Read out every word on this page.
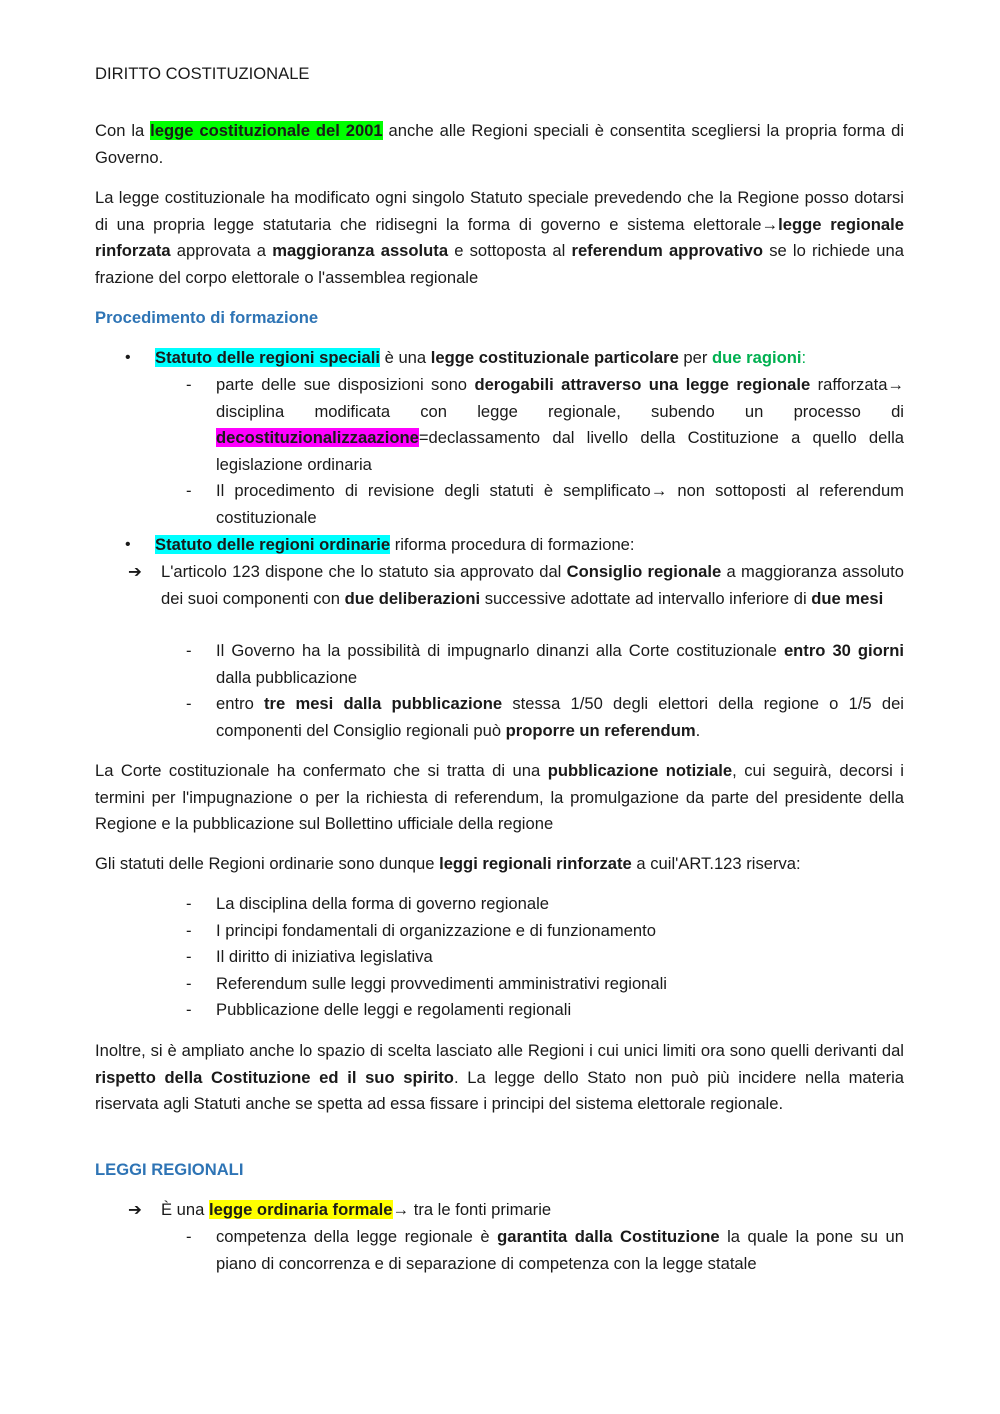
DIRITTO COSTITUZIONALE
Con la legge costituzionale del 2001 anche alle Regioni speciali è consentita scegliersi la propria forma di Governo.
La legge costituzionale ha modificato ogni singolo Statuto speciale prevedendo che la Regione posso dotarsi di una propria legge statutaria che ridisegni la forma di governo e sistema elettorale→legge regionale rinforzata approvata a maggioranza assoluta e sottoposta al referendum approvativo se lo richiede una frazione del corpo elettorale o l'assemblea regionale
Procedimento di formazione
• Statuto delle regioni speciali è una legge costituzionale particolare per due ragioni:
- parte delle sue disposizioni sono derogabili attraverso una legge regionale rafforzata→ disciplina modificata con legge regionale, subendo un processo di decostituzionalizzaazione=declassamento dal livello della Costituzione a quello della legislazione ordinaria
- Il procedimento di revisione degli statuti è semplificato→ non sottoposti al referendum costituzionale
• Statuto delle regioni ordinarie riforma procedura di formazione:
➔ L'articolo 123 dispone che lo statuto sia approvato dal Consiglio regionale a maggioranza assoluto dei suoi componenti con due deliberazioni successive adottate ad intervallo inferiore di due mesi
- Il Governo ha la possibilità di impugnarlo dinanzi alla Corte costituzionale entro 30 giorni dalla pubblicazione
- entro tre mesi dalla pubblicazione stessa 1/50 degli elettori della regione o 1/5 dei componenti del Consiglio regionali può proporre un referendum.
La Corte costituzionale ha confermato che si tratta di una pubblicazione notiziale, cui seguirà, decorsi i termini per l'impugnazione o per la richiesta di referendum, la promulgazione da parte del presidente della Regione e la pubblicazione sul Bollettino ufficiale della regione
Gli statuti delle Regioni ordinarie sono dunque leggi regionali rinforzate a cuil'ART.123 riserva:
- La disciplina della forma di governo regionale
- I principi fondamentali di organizzazione e di funzionamento
- Il diritto di iniziativa legislativa
- Referendum sulle leggi provvedimenti amministrativi regionali
- Pubblicazione delle leggi e regolamenti regionali
Inoltre, si è ampliato anche lo spazio di scelta lasciato alle Regioni i cui unici limiti ora sono quelli derivanti dal rispetto della Costituzione ed il suo spirito. La legge dello Stato non può più incidere nella materia riservata agli Statuti anche se spetta ad essa fissare i principi del sistema elettorale regionale.
LEGGI REGIONALI
➔ È una legge ordinaria formale→ tra le fonti primarie
- competenza della legge regionale è garantita dalla Costituzione la quale la pone su un piano di concorrenza e di separazione di competenza con la legge statale
